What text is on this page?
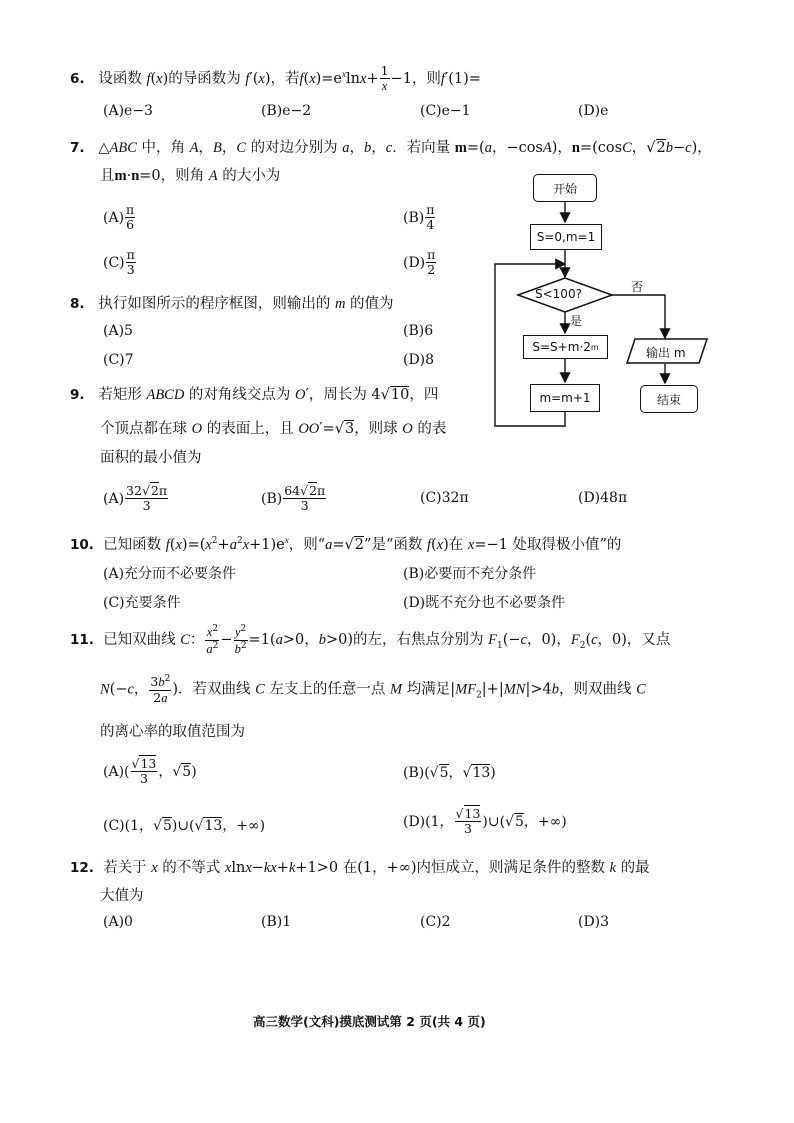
6. 设函数 f(x)的导函数为 f′(x)，若$f(x)=e^x\ln x+ \frac{1}{x} -1$，则f′(1)=
(A)e−3	(B)e−2	(C)e−1	(D)e
7.   △ABC 中，角 A，B，C 的对边分别为 a，b，c．若向量 m=(a，−cosA)，n=(cosC，√2b−c)，
且m·n=0，则角 A 的大小为
$(A) \frac{\pi}{6}$	$(B) \frac{\pi}{4}$
$(C) \frac{\pi}{3}$	$(D) \frac{\pi}{2}$
8. 执行如图所示的程序框图，则输出的 m 的值为
(A)5	(B)6
(C)7	(D)8
9.   若矩形 ABCD 的对角线交点为 O′，周长为 4√10，四
个顶点都在球 O 的表面上，且 OO′=√3，则球 O 的表
面积的最小值为
$(A) \frac{32√2\pi}{3}$	$(B) \frac{64√2\pi}{3}$	(C)32π	(D)48π
10.  已知函数 $f(x)=(x^2+a^2x+1)e^x$，则“a=√2”是“函数 f(x)在 x=−1 处取得极小值”的
(A)充分而不必要条件	(B)必要而不充分条件
(C)充要条件	(D)既不充分也不必要条件
11.  已知双曲线 C： $\frac{x^2}{a^2} - \frac{y^2}{b^2} =1(a>0$，b>0)的左，右焦点分别为 $F_1(-c$，0)，$F_2(c$，0)，又点
N(−c， $\frac{3b^2}{2a}$ )．若双曲线 C 左支上的任意一点 M 均满足$|MF_2|+|MN|>4b$，则双曲线 C
的离心率的取值范围为
$(A)( \frac{√13}{3}$ ，√5)	(B)(√5，√13)
(C)(1，√5)∪(√13，+∞)	(D)(1， $\frac{√13}{3}$ )∪(√5，+∞)
12.  若关于 x 的不等式 xlnx−kx+k+1>0 在(1，+∞)内恒成立，则满足条件的整数 k 的最
大值为
(A)0	(B)1	(C)2	(D)3
开始
S=0,m=1
S<100?
是
否
S=S+m·2 m
m=m+1
输出 m
结束
高三数学(文科)摸底测试第 2 页(共 4 页)
